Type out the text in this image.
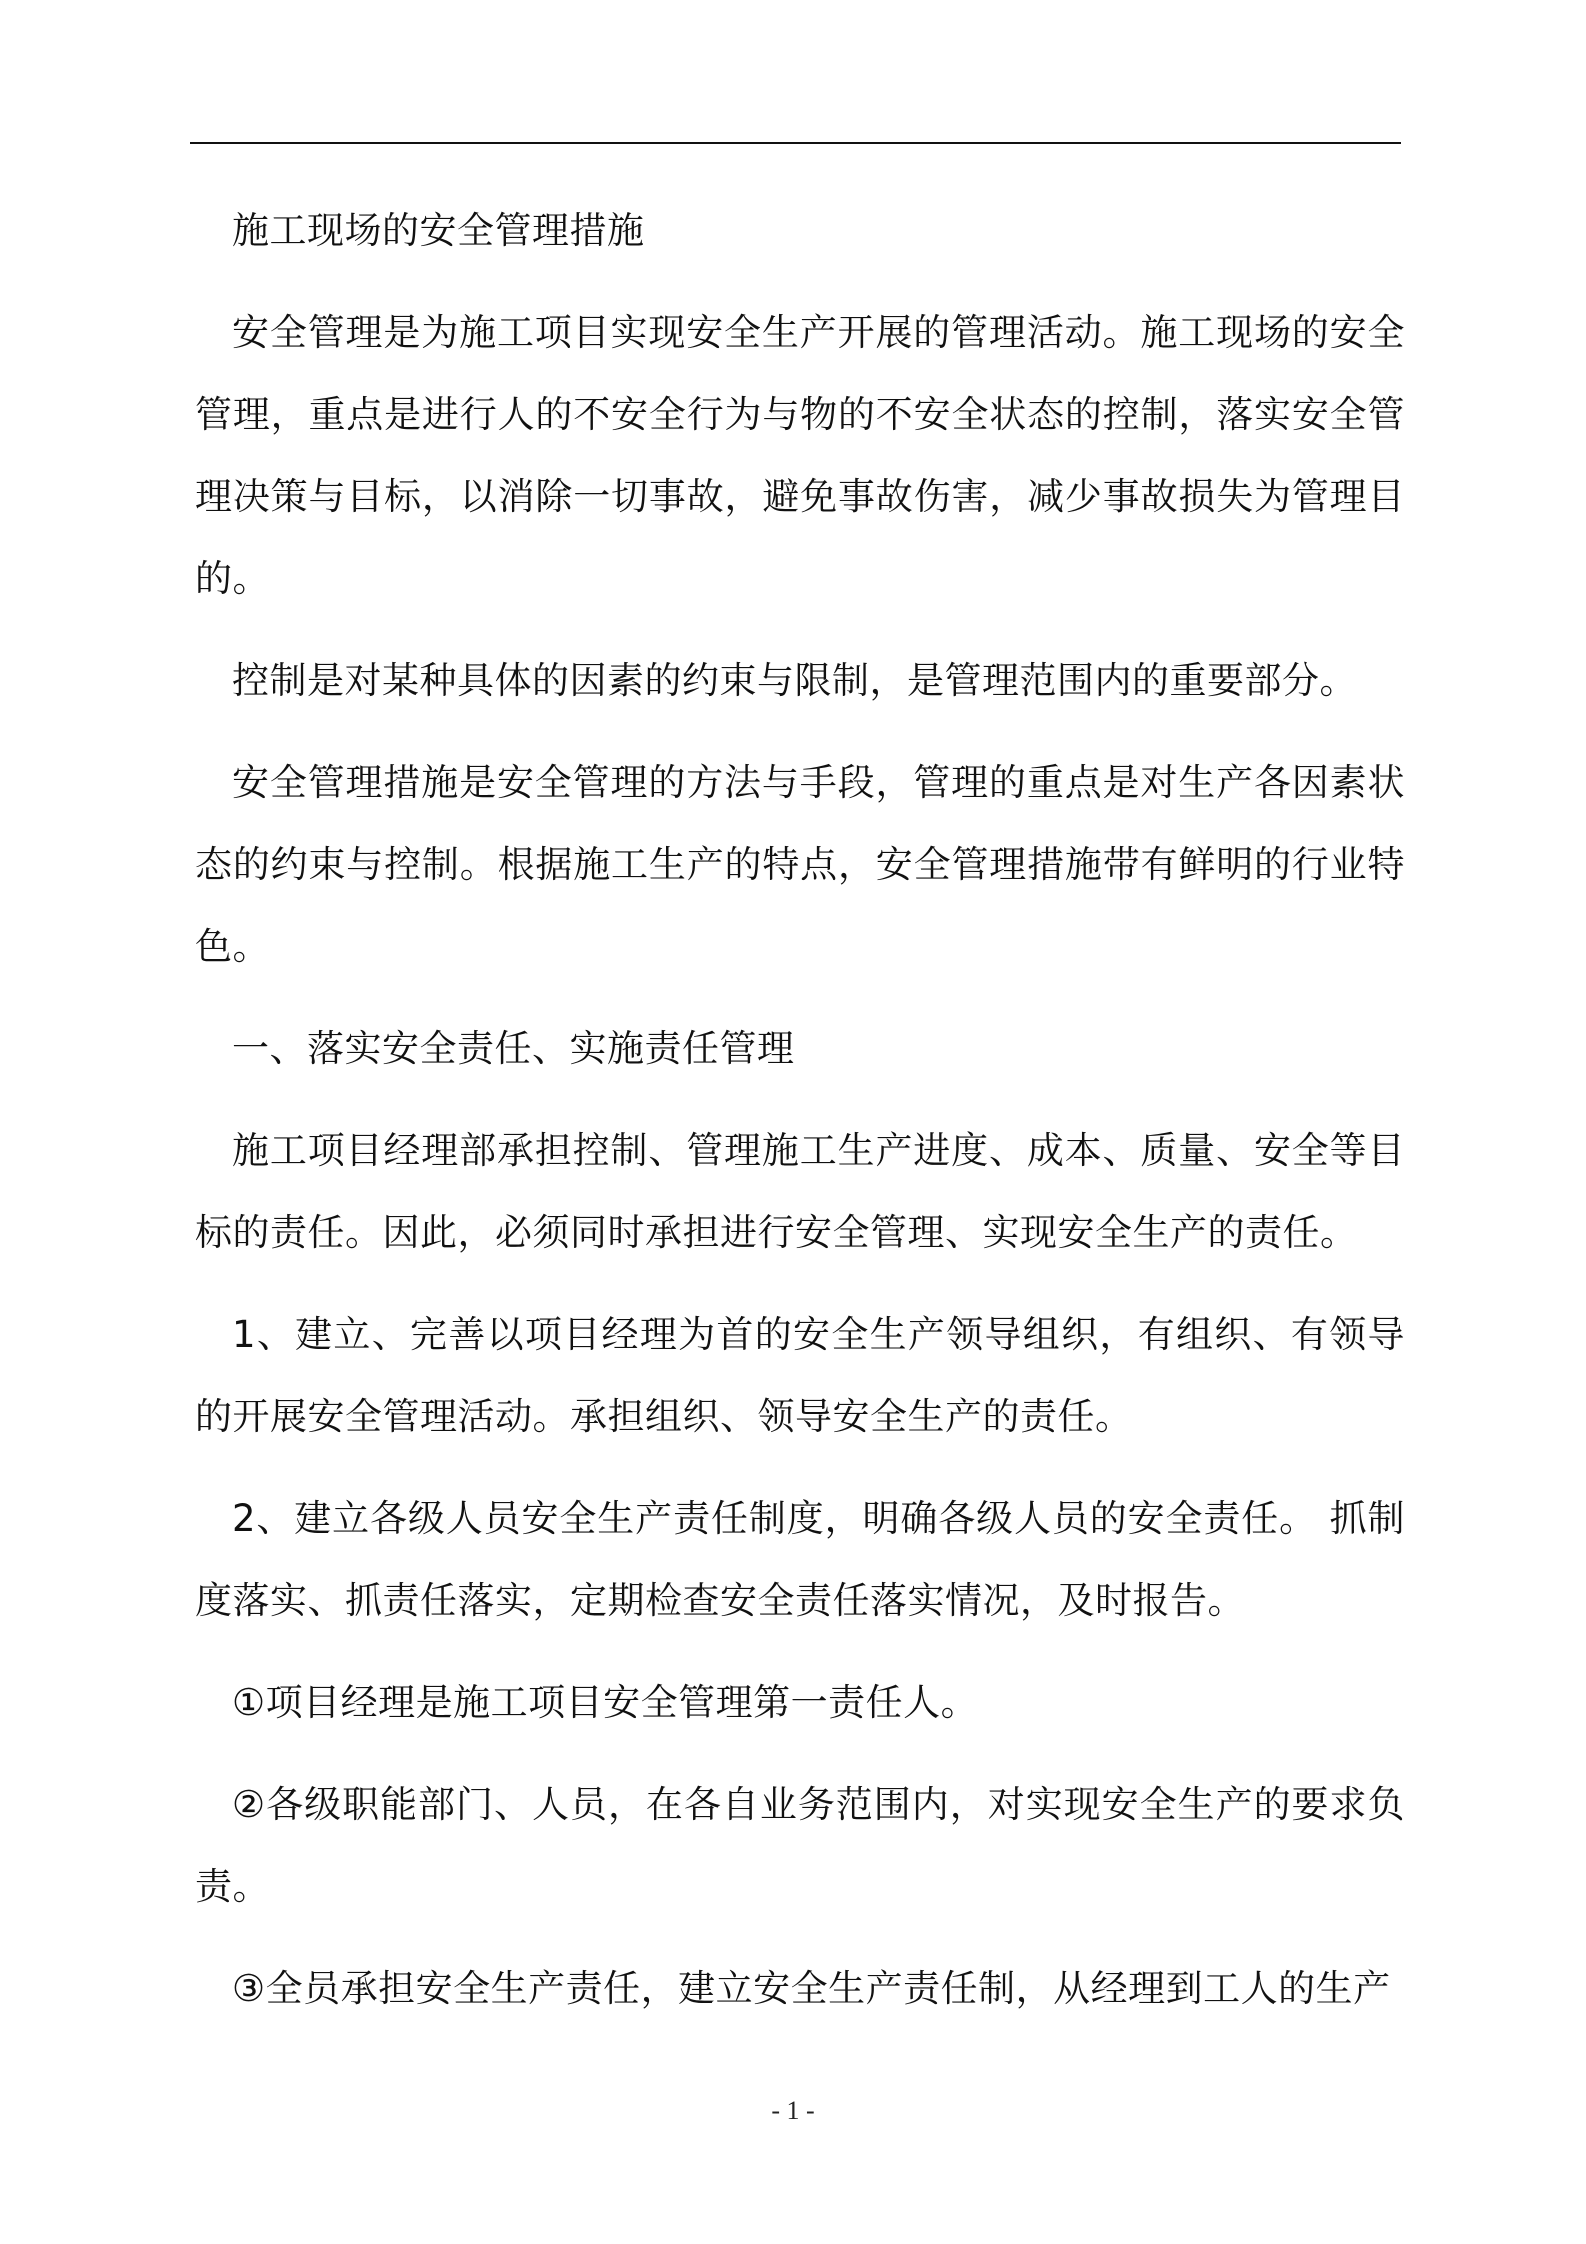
施工现场的安全管理措施

安全管理是为施工项目实现安全生产开展的管理活动。施工现场的安全管理，重点是进行人的不安全行为与物的不安全状态的控制，落实安全管理决策与目标，以消除一切事故，避免事故伤害，减少事故损失为管理目的。

控制是对某种具体的因素的约束与限制，是管理范围内的重要部分。

安全管理措施是安全管理的方法与手段，管理的重点是对生产各因素状态的约束与控制。根据施工生产的特点，安全管理措施带有鲜明的行业特色。

一、落实安全责任、实施责任管理

施工项目经理部承担控制、管理施工生产进度、成本、质量、安全等目标的责任。因此，必须同时承担进行安全管理、实现安全生产的责任。

1、建立、完善以项目经理为首的安全生产领导组织，有组织、有领导的开展安全管理活动。承担组织、领导安全生产的责任。

2、建立各级人员安全生产责任制度，明确各级人员的安全责任。 抓制度落实、抓责任落实，定期检查安全责任落实情况，及时报告。

①项目经理是施工项目安全管理第一责任人。

②各级职能部门、人员，在各自业务范围内，对实现安全生产的要求负责。

③全员承担安全生产责任，建立安全生产责任制，从经理到工人的生产

- 1 -
